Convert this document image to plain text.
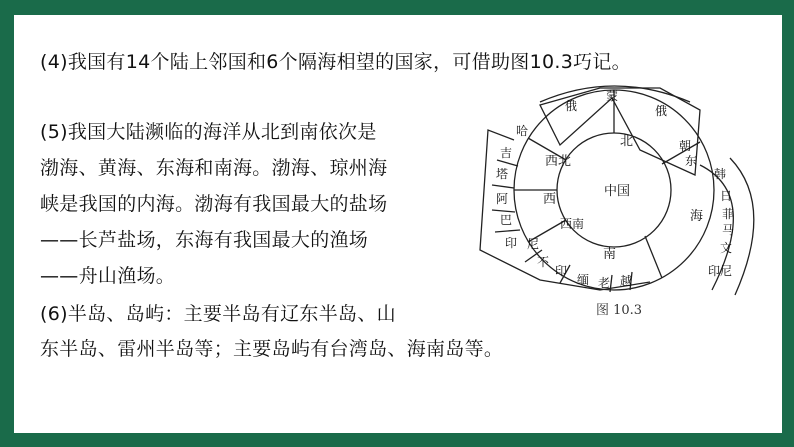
(4)我国有14个陆上邻国和6个隔海相望的国家，可借助图10.3巧记。
(5)我国大陆濒临的海洋从北到南依次是
渤海、黄海、东海和南海。渤海、琼州海
峡是我国的内海。渤海有我国最大的盐场
——长芦盐场，东海有我国最大的渔场
——舟山渔场。
(6)半岛、岛屿：主要半岛有辽东半岛、山
东半岛、雷州半岛等；主要岛屿有台湾岛、海南岛等。
中国
北
西北
西
西南
南
俄
蒙
俄
朝
东
哈
吉
塔
阿
巴
印 尼
不
印
缅 老 越
海
韩
日
菲
马
文
印尼
图 10.3
